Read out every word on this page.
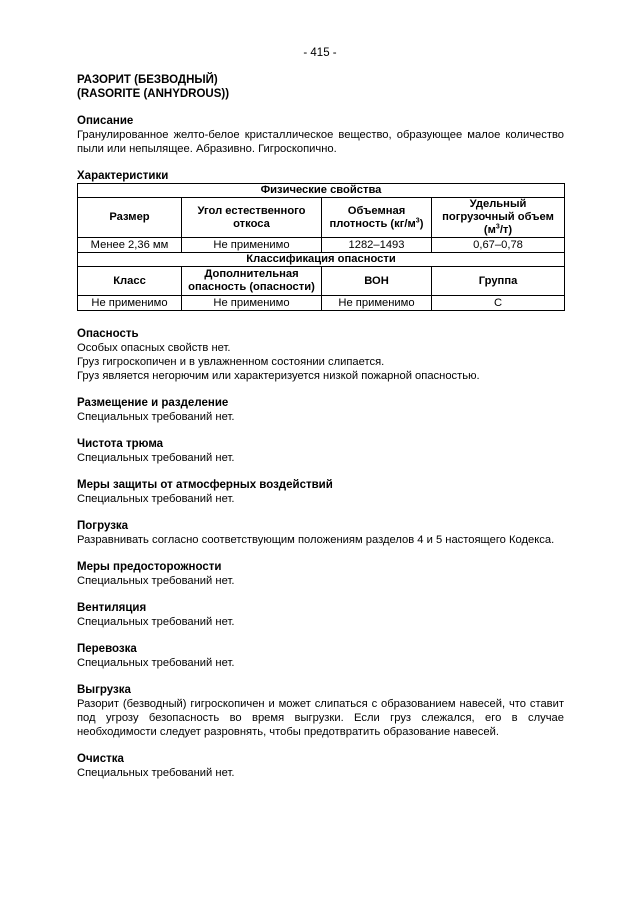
- 415 -

РАЗОРИТ (БЕЗВОДНЫЙ)

(RASORITE (ANHYDROUS))

Описание

Гранулированное желто-белое кристаллическое вещество, образующее малое количество пыли или непылящее. Абразивно. Гигроскопично.

Характеристики
Физические свойства			
Размер	Угол естественного откоса	Объемная плотность $(кг/м^3)$	Удельный погрузочный объем $(м^3/т)$
Менее 2,36 мм	Не применимо	1282–1493	0,67–0,78
Классификация опасности			
Класс	Дополнительная опасность (опасности)	ВОН	Группа
Не применимо	Не применимо	Не применимо	С
Опасность

Особых опасных свойств нет.

Груз гигроскопичен и в увлажненном состоянии слипается.

Груз является негорючим или характеризуется низкой пожарной опасностью.

Размещение и разделение

Специальных требований нет.

Чистота трюма

Специальных требований нет.

Меры защиты от атмосферных воздействий

Специальных требований нет.

Погрузка

Разравнивать согласно соответствующим положениям разделов 4 и 5 настоящего Кодекса.

Меры предосторожности

Специальных требований нет.

Вентиляция

Специальных требований нет.

Перевозка

Специальных требований нет.

Выгрузка

Разорит (безводный) гигроскопичен и может слипаться с образованием навесей, что ставит под угрозу безопасность во время выгрузки. Если груз слежался, его в случае необходимости следует разровнять, чтобы предотвратить образование навесей.

Очистка

Специальных требований нет.
